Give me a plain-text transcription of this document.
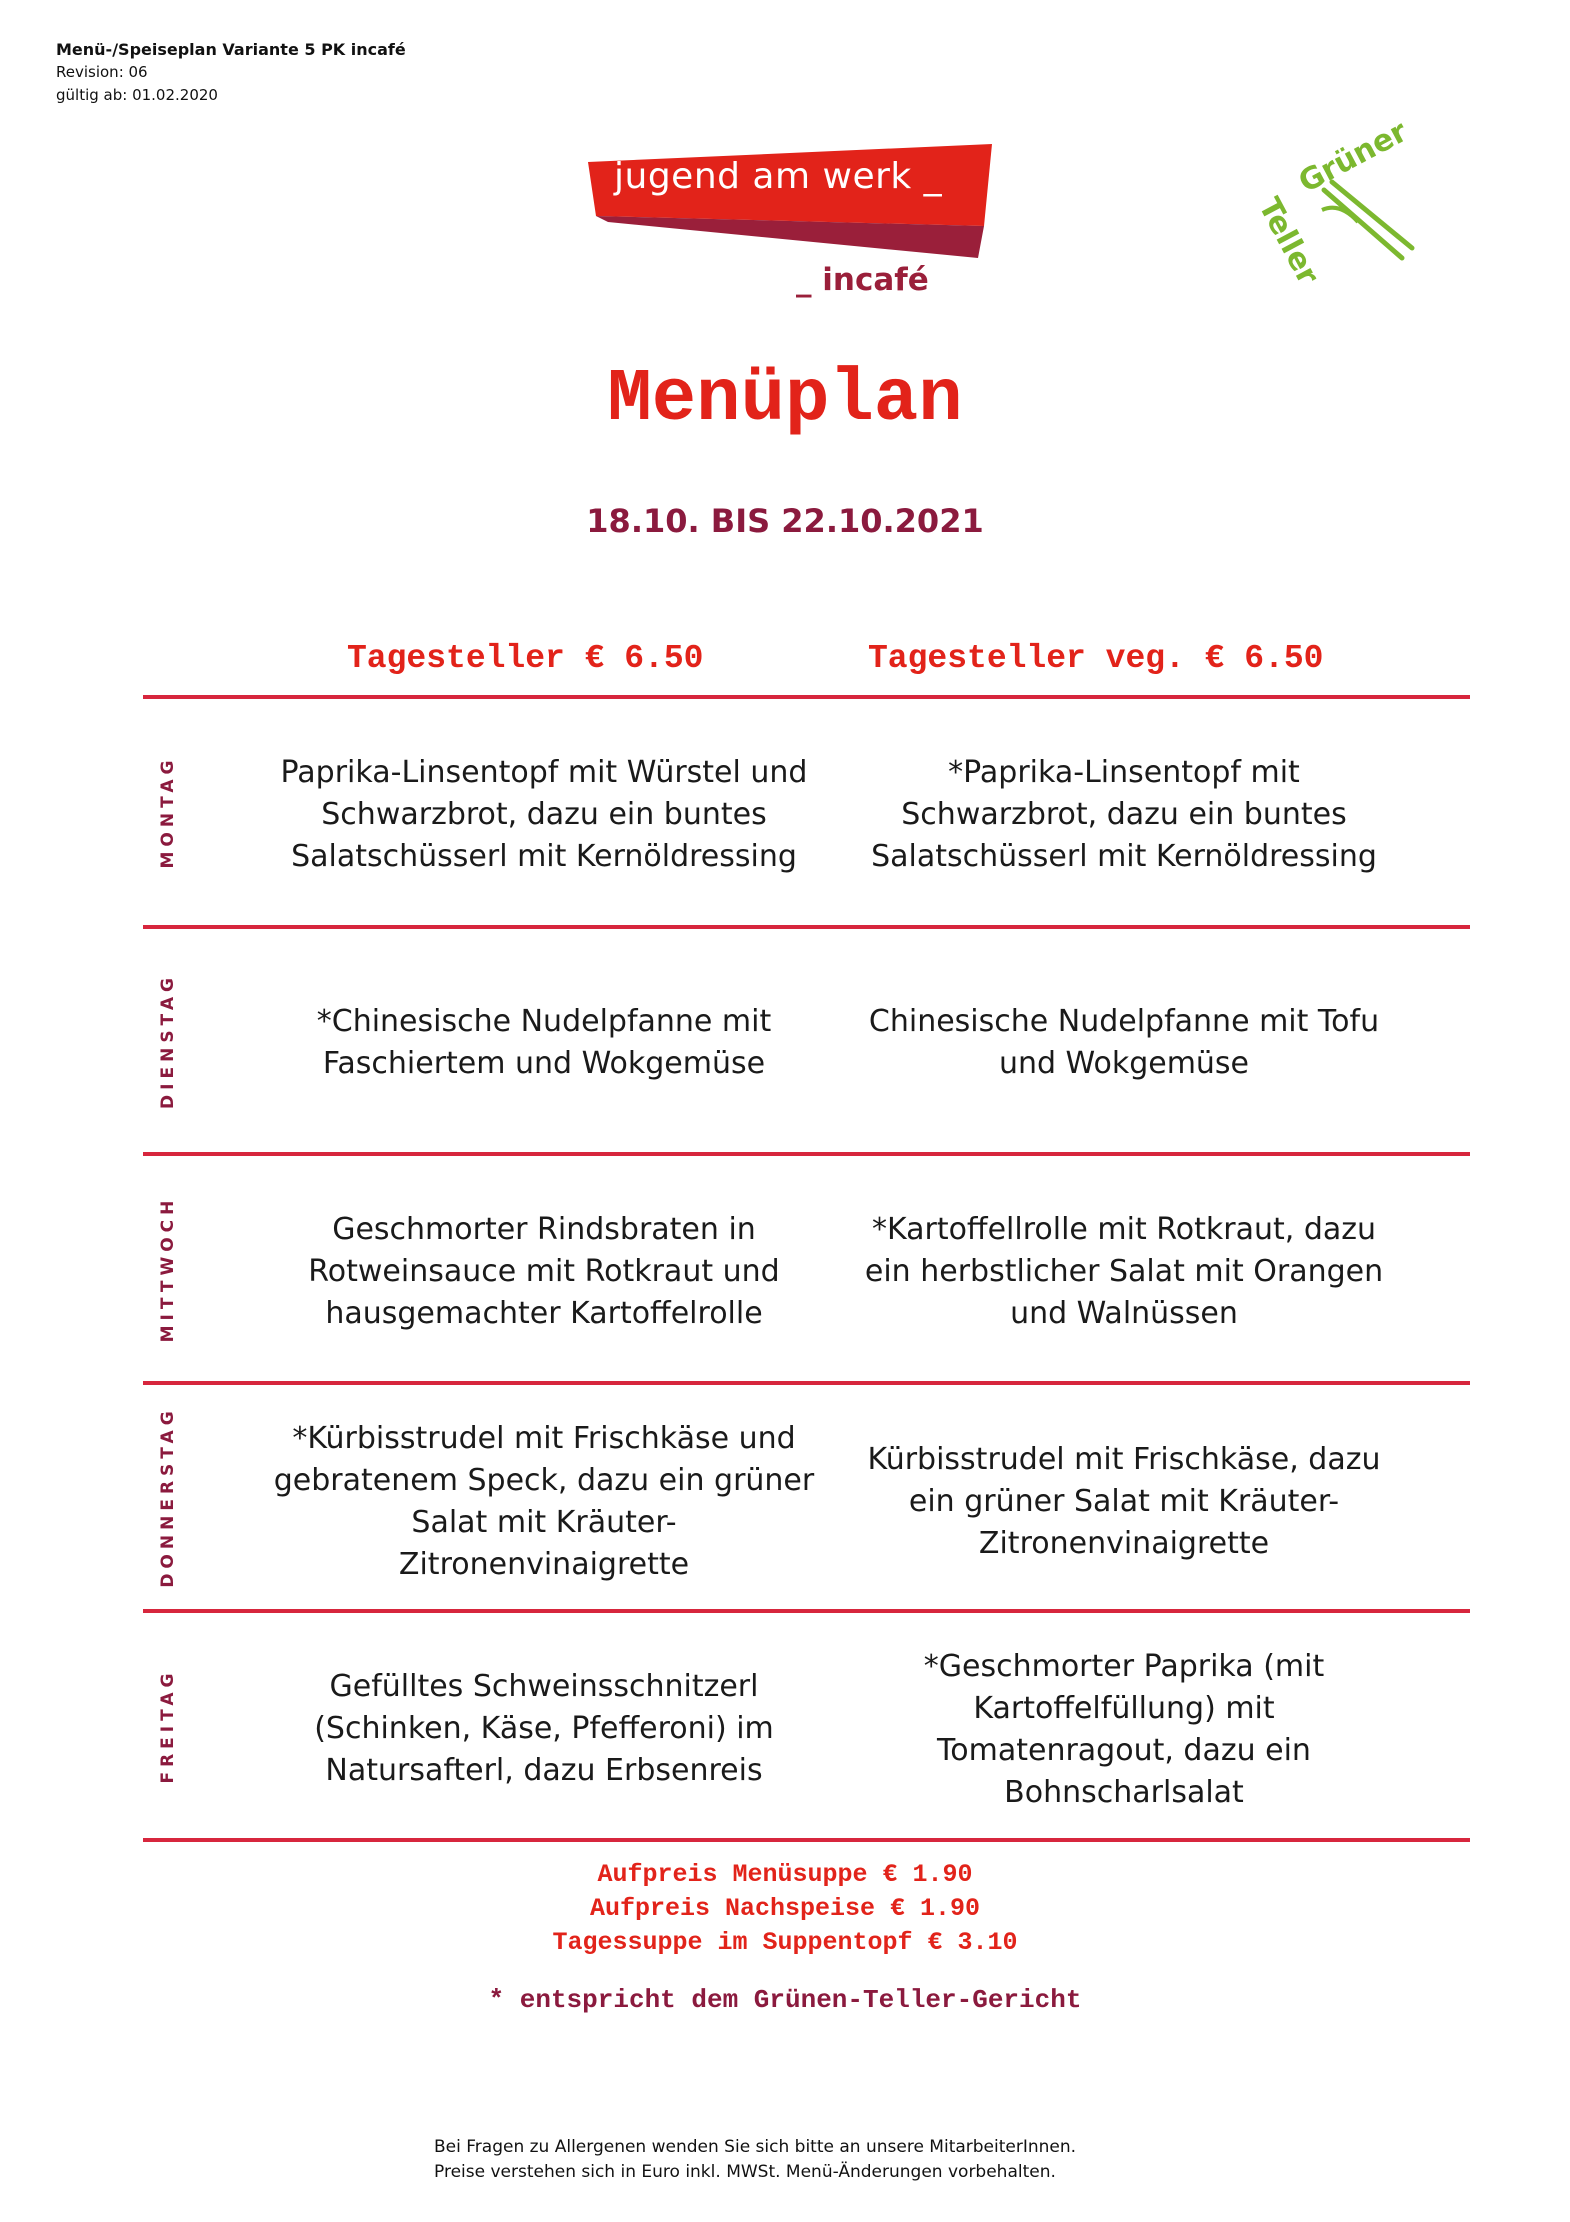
Menü-/Speiseplan Variante 5 PK incafé
Revision: 06
gültig ab: 01.02.2020
jugend am werk _
_ incafé
Grüner
Teller
Menüplan
18.10. BIS 22.10.2021
Tagesteller € 6.50	Tagesteller veg. € 6.50
MONTAG
DIENSTAG
MITTWOCH
DONNERSTAG
FREITAG
Paprika-Linsentopf mit Würstel und
Schwarzbrot, dazu ein buntes
Salatschüsserl mit Kernöldressing
*Paprika-Linsentopf mit
Schwarzbrot, dazu ein buntes
Salatschüsserl mit Kernöldressing
*Chinesische Nudelpfanne mit
Faschiertem und Wokgemüse
Chinesische Nudelpfanne mit Tofu
und Wokgemüse
Geschmorter Rindsbraten in
Rotweinsauce mit Rotkraut und
hausgemachter Kartoffelrolle
*Kartoffellrolle mit Rotkraut, dazu
ein herbstlicher Salat mit Orangen
und Walnüssen
*Kürbisstrudel mit Frischkäse und
gebratenem Speck, dazu ein grüner
Salat mit Kräuter-
Zitronenvinaigrette
Kürbisstrudel mit Frischkäse, dazu
ein grüner Salat mit Kräuter-
Zitronenvinaigrette
Gefülltes Schweinsschnitzerl
(Schinken, Käse, Pfefferoni) im
Natursafterl, dazu Erbsenreis
*Geschmorter Paprika (mit
Kartoffelfüllung) mit
Tomatenragout, dazu ein
Bohnscharlsalat
Aufpreis Menüsuppe € 1.90
Aufpreis Nachspeise € 1.90
Tagessuppe im Suppentopf € 3.10
* entspricht dem Grünen-Teller-Gericht
Bei Fragen zu Allergenen wenden Sie sich bitte an unsere MitarbeiterInnen.
Preise verstehen sich in Euro inkl. MWSt. Menü-Änderungen vorbehalten.
